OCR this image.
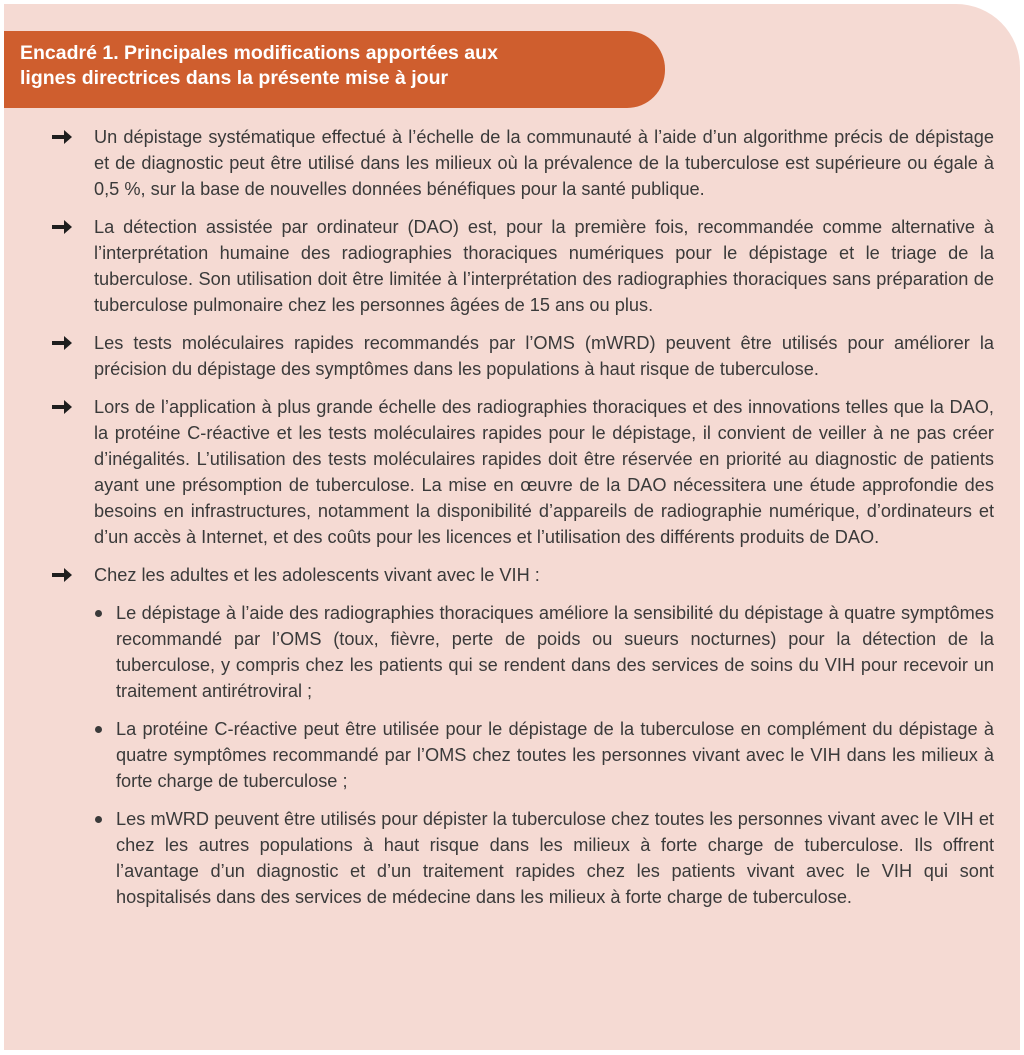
Encadré 1. Principales modifications apportées aux
lignes directrices dans la présente mise à jour
Un dépistage systématique effectué à l’échelle de la communauté à l’aide d’un algorithme précis de dépistage et de diagnostic peut être utilisé dans les milieux où la prévalence de la tuberculose est supérieure ou égale à 0,5 %, sur la base de nouvelles données bénéfiques pour la santé publique.
La détection assistée par ordinateur (DAO) est, pour la première fois, recommandée comme alternative à l’interprétation humaine des radiographies thoraciques numériques pour le dépistage et le triage de la tuberculose. Son utilisation doit être limitée à l’interprétation des radiographies thoraciques sans préparation de tuberculose pulmonaire chez les personnes âgées de 15 ans ou plus.
Les tests moléculaires rapides recommandés par l’OMS (mWRD) peuvent être utilisés pour améliorer la précision du dépistage des symptômes dans les populations à haut risque de tuberculose.
Lors de l’application à plus grande échelle des radiographies thoraciques et des innovations telles que la DAO, la protéine C-réactive et les tests moléculaires rapides pour le dépistage, il convient de veiller à ne pas créer d’inégalités. L’utilisation des tests moléculaires rapides doit être réservée en priorité au diagnostic de patients ayant une présomption de tuberculose. La mise en œuvre de la DAO nécessitera une étude approfondie des besoins en infrastructures, notamment la disponibilité d’appareils de radiographie numérique, d’ordinateurs et d’un accès à Internet, et des coûts pour les licences et l’utilisation des différents produits de DAO.
Chez les adultes et les adolescents vivant avec le VIH :
Le dépistage à l’aide des radiographies thoraciques améliore la sensibilité du dépistage à quatre symptômes recommandé par l’OMS (toux, fièvre, perte de poids ou sueurs nocturnes) pour la détection de la tuberculose, y compris chez les patients qui se rendent dans des services de soins du VIH pour recevoir un traitement antirétroviral ;
La protéine C-réactive peut être utilisée pour le dépistage de la tuberculose en complément du dépistage à quatre symptômes recommandé par l’OMS chez toutes les personnes vivant avec le VIH dans les milieux à forte charge de tuberculose ;
Les mWRD peuvent être utilisés pour dépister la tuberculose chez toutes les personnes vivant avec le VIH et chez les autres populations à haut risque dans les milieux à forte charge de tuberculose. Ils offrent l’avantage d’un diagnostic et d’un traitement rapides chez les patients vivant avec le VIH qui sont hospitalisés dans des services de médecine dans les milieux à forte charge de tuberculose.
